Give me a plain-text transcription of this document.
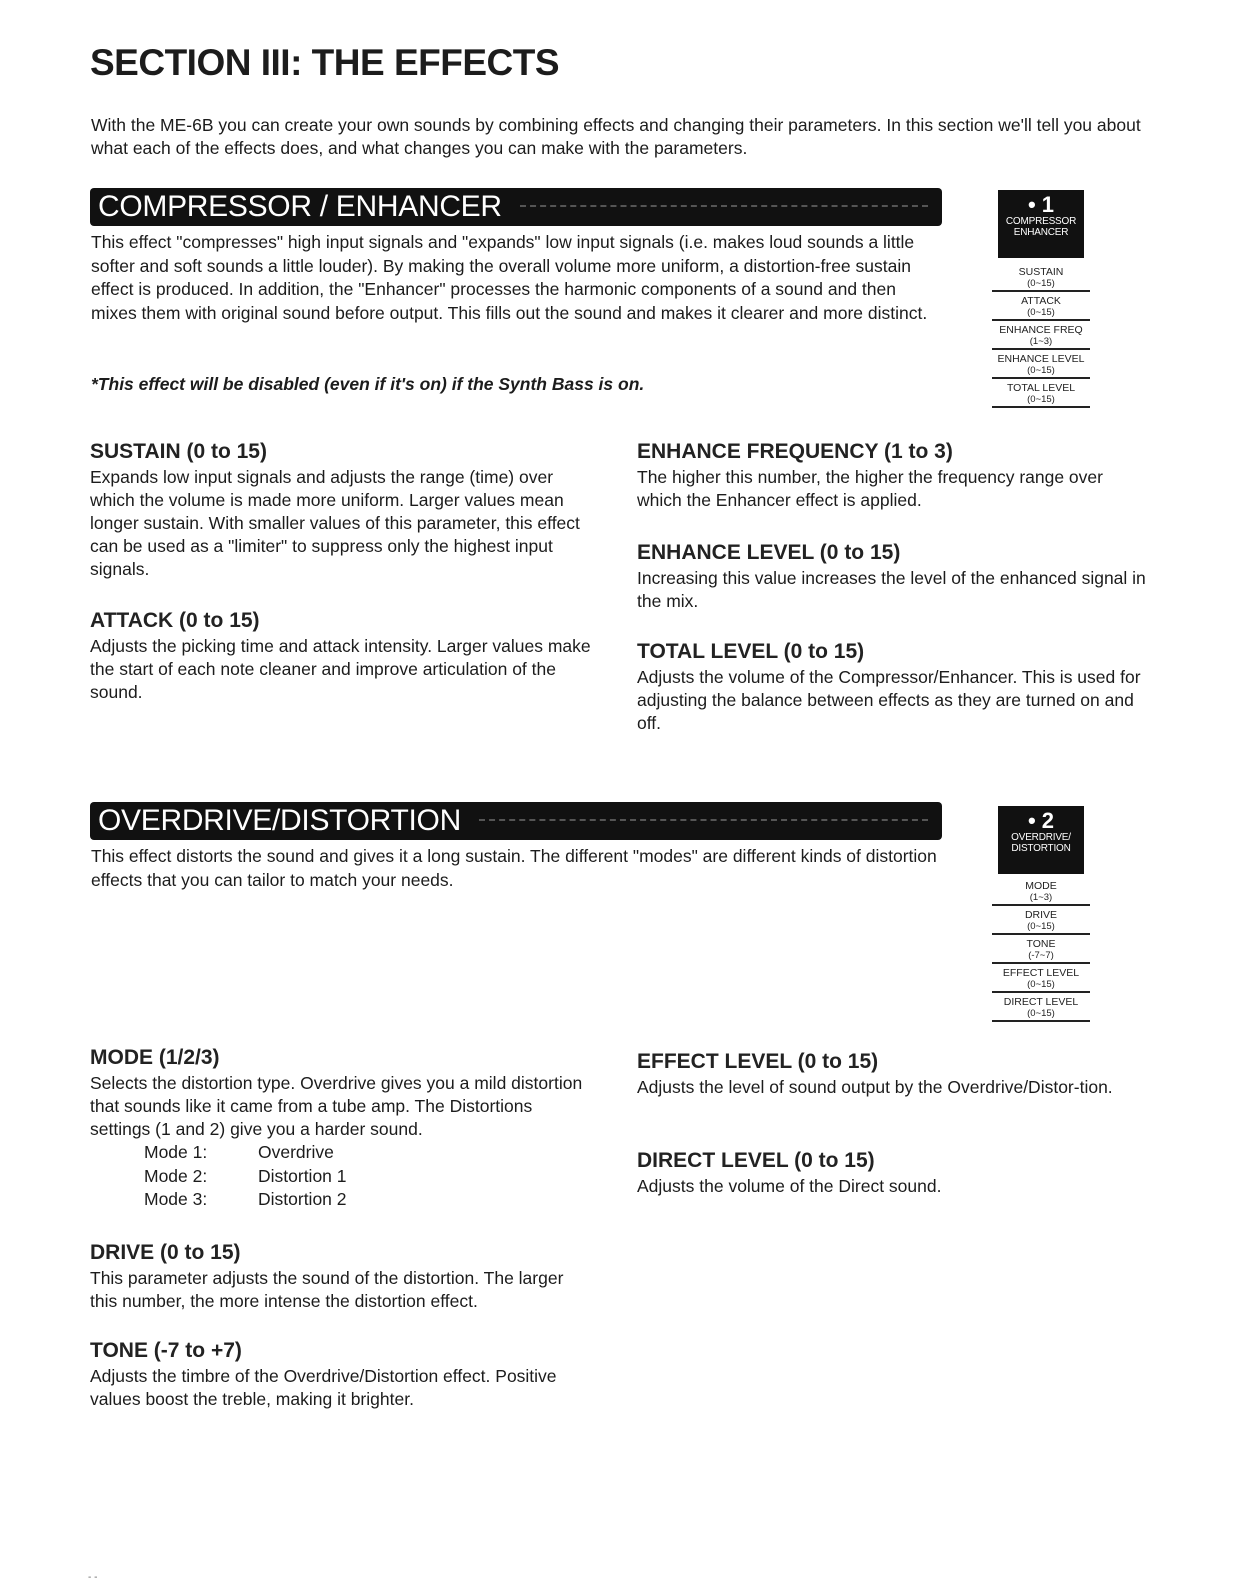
SECTION III: THE EFFECTS
With the ME-6B you can create your own sounds by combining effects and changing their parameters. In this section we'll tell you about what each of the effects does, and what changes you can make with the parameters.
COMPRESSOR / ENHANCER
This effect "compresses" high input signals and "expands" low input signals (i.e. makes loud sounds a little softer and soft sounds a little louder). By making the overall volume more uniform, a distortion-free sustain effect is produced. In addition, the "Enhancer" processes the harmonic components of a sound and then mixes them with original sound before output. This fills out the sound and makes it clearer and more distinct.
*This effect will be disabled (even if it's on) if the Synth Bass is on.
• 1
COMPRESSOR
ENHANCER
SUSTAIN
(0~15)
ATTACK
(0~15)
ENHANCE FREQ
(1~3)
ENHANCE LEVEL
(0~15)
TOTAL LEVEL
(0~15)
SUSTAIN (0 to 15)
Expands low input signals and adjusts the range (time) over which the volume is made more uniform. Larger values mean longer sustain. With smaller values of this parameter, this effect can be used as a "limiter" to suppress only the highest input signals.
ATTACK (0 to 15)
Adjusts the picking time and attack intensity. Larger values make the start of each note cleaner and improve articulation of the sound.
ENHANCE FREQUENCY (1 to 3)
The higher this number, the higher the frequency range over which the Enhancer effect is applied.
ENHANCE LEVEL (0 to 15)
Increasing this value increases the level of the enhanced signal in the mix.
TOTAL LEVEL (0 to 15)
Adjusts the volume of the Compressor/Enhancer. This is used for adjusting the balance between effects as they are turned on and off.
OVERDRIVE/DISTORTION
This effect distorts the sound and gives it a long sustain. The different "modes" are different kinds of distortion effects that you can tailor to match your needs.
• 2
OVERDRIVE/
DISTORTION
MODE
(1~3)
DRIVE
(0~15)
TONE
(-7~7)
EFFECT LEVEL
(0~15)
DIRECT LEVEL
(0~15)
MODE (1/2/3)
Selects the distortion type. Overdrive gives you a mild distortion that sounds like it came from a tube amp. The Distortions settings (1 and 2) give you a harder sound.
Mode 1:	Overdrive
Mode 2:	Distortion 1
Mode 3:	Distortion 2
DRIVE (0 to 15)
This parameter adjusts the sound of the distortion. The larger this number, the more intense the distortion effect.
TONE (-7 to +7)
Adjusts the timbre of the Overdrive/Distortion effect. Positive values boost the treble, making it brighter.
EFFECT LEVEL (0 to 15)
Adjusts the level of sound output by the Overdrive/Distor-tion.
DIRECT LEVEL (0 to 15)
Adjusts the volume of the Direct sound.
- -
